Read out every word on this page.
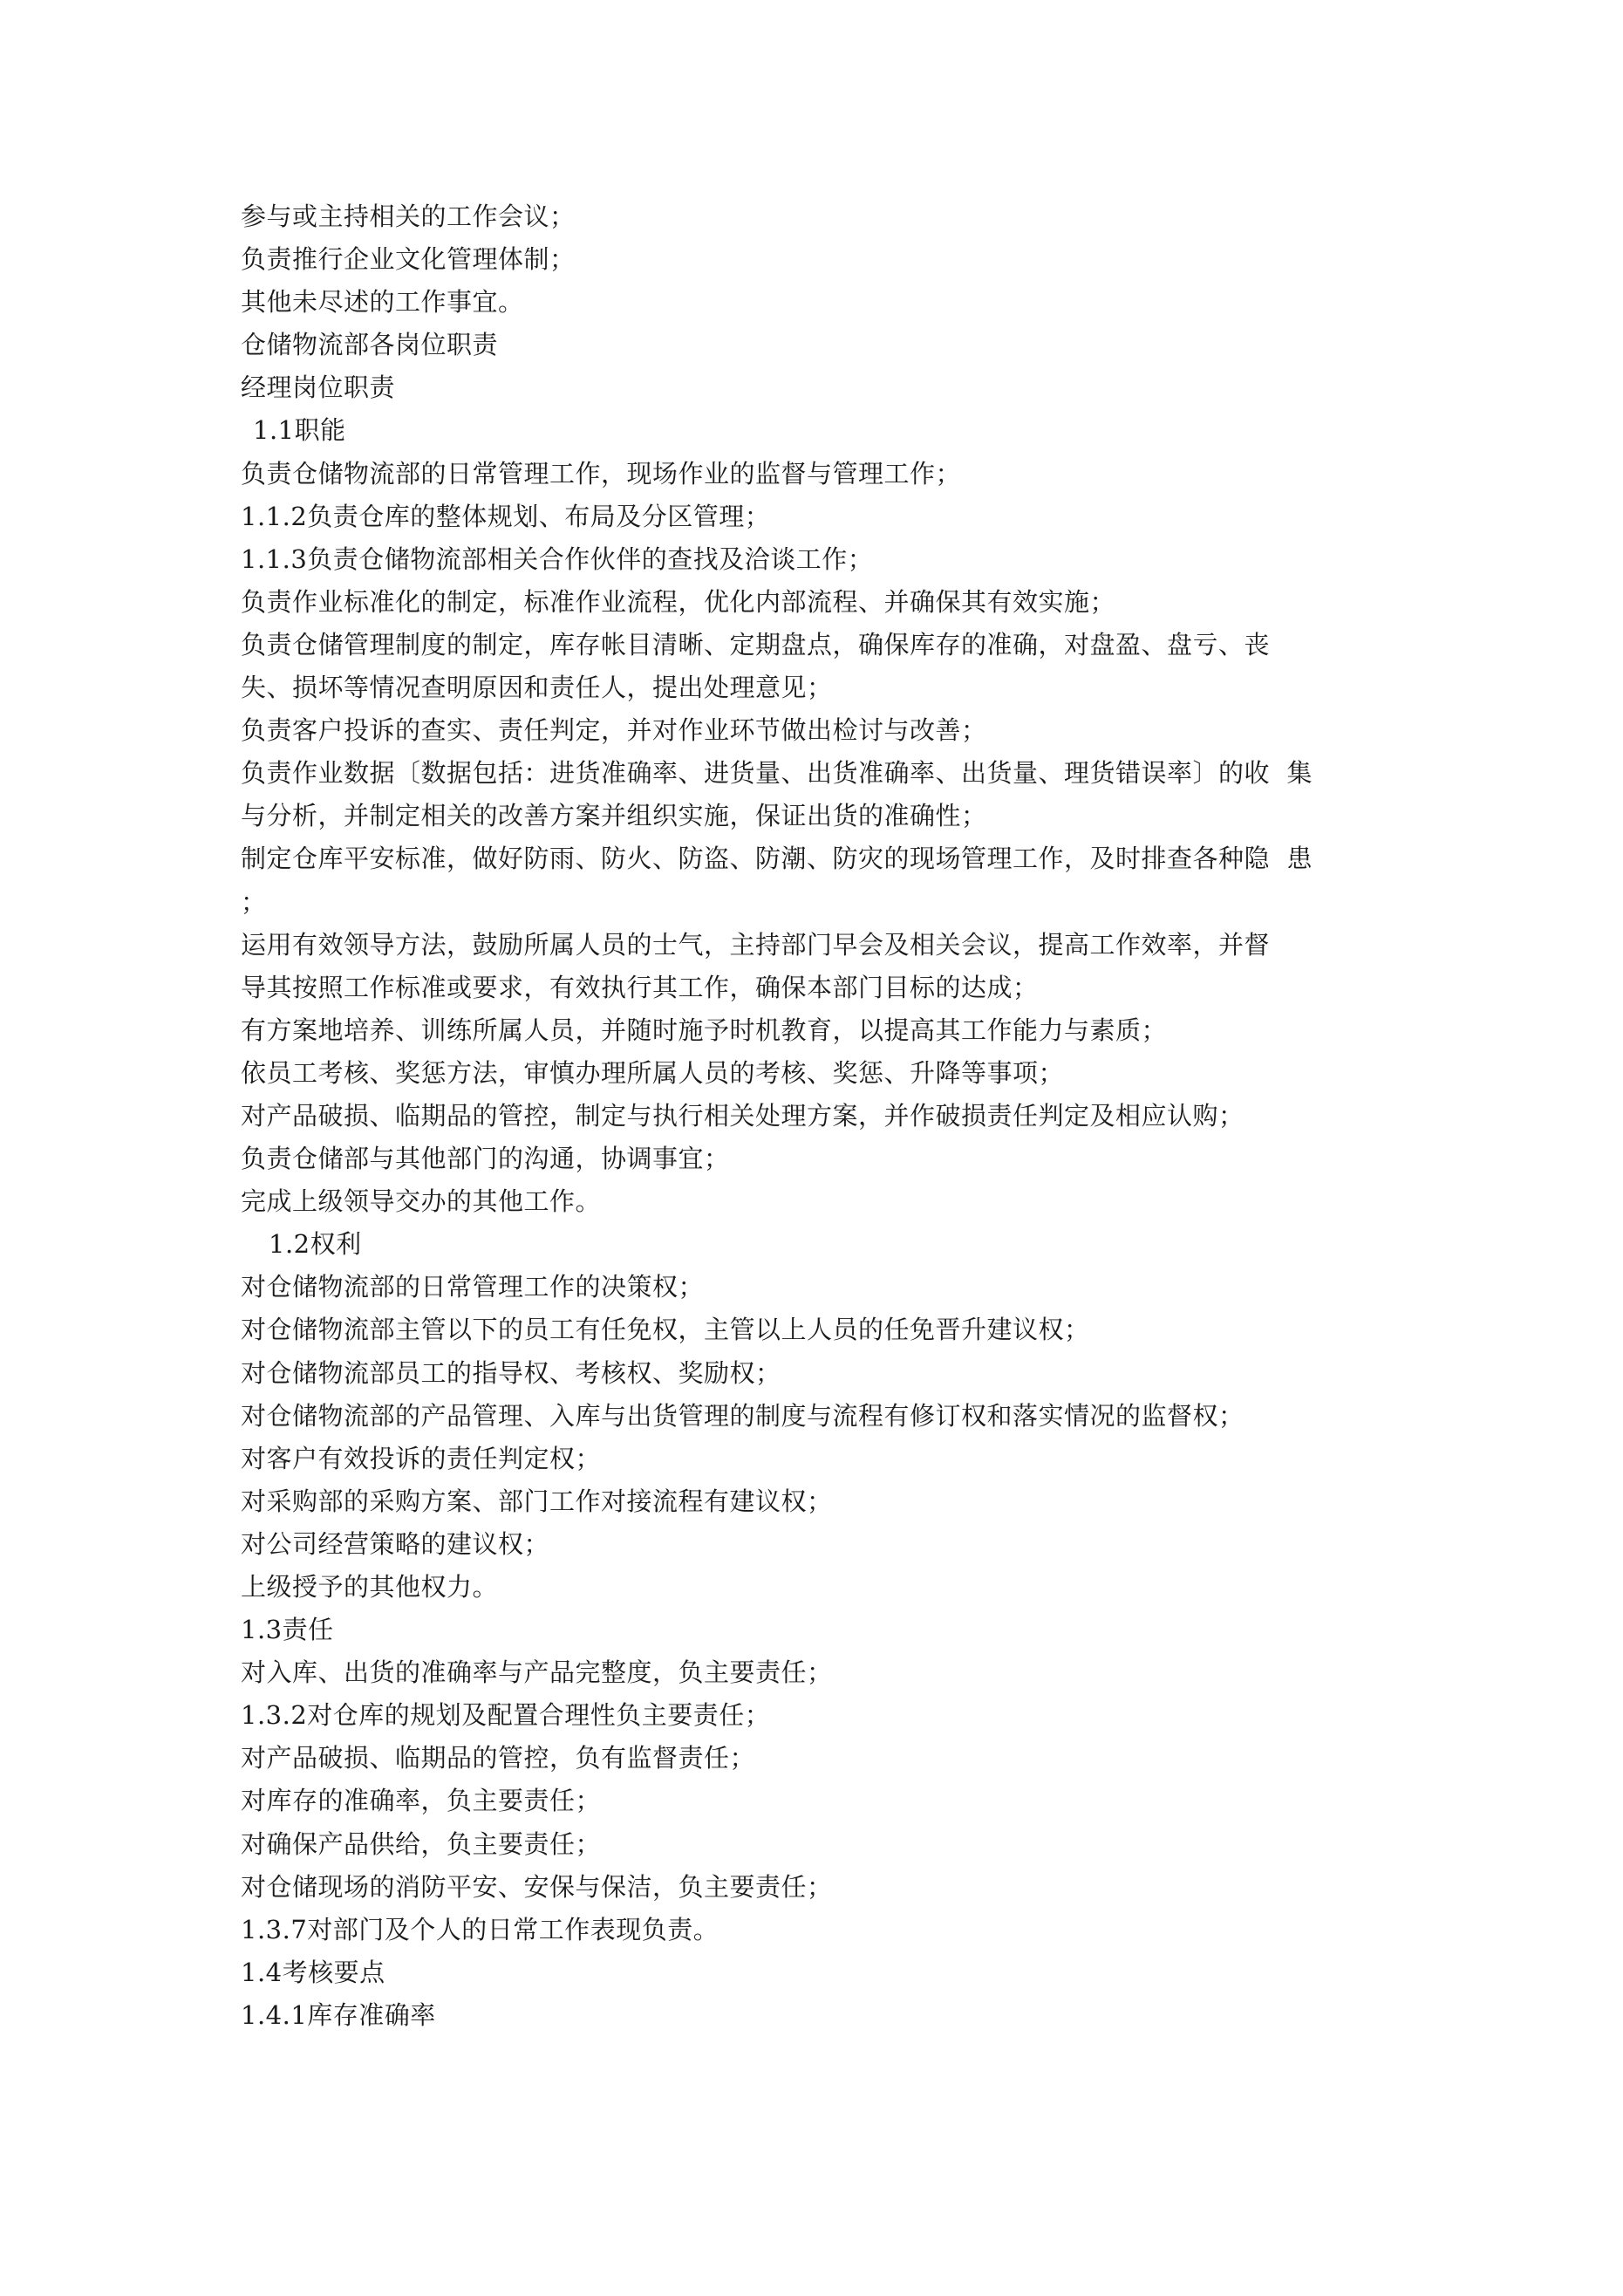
参与或主持相关的工作会议；
负责推行企业文化管理体制；
其他未尽述的工作事宜。
仓储物流部各岗位职责
经理岗位职责
1.1职能
负责仓储物流部的日常管理工作，现场作业的监督与管理工作；
1.1.2负责仓库的整体规划、布局及分区管理；
1.1.3负责仓储物流部相关合作伙伴的查找及洽谈工作；
负责作业标准化的制定，标准作业流程，优化内部流程、并确保其有效实施；
负责仓储管理制度的制定，库存帐目清晰、定期盘点，确保库存的准确，对盘盈、盘亏、丧
失、损坏等情况查明原因和责任人，提出处理意见；
负责客户投诉的查实、责任判定，并对作业环节做出检讨与改善；
负责作业数据〔数据包括：进货准确率、进货量、出货准确率、出货量、理货错误率〕的收  集
与分析，并制定相关的改善方案并组织实施，保证出货的准确性；
制定仓库平安标准，做好防雨、防火、防盗、防潮、防灾的现场管理工作，及时排查各种隐  患
；
运用有效领导方法，鼓励所属人员的士气，主持部门早会及相关会议，提高工作效率，并督
导其按照工作标准或要求，有效执行其工作，确保本部门目标的达成；
有方案地培养、训练所属人员，并随时施予时机教育，以提高其工作能力与素质；
依员工考核、奖惩方法，审慎办理所属人员的考核、奖惩、升降等事项；
对产品破损、临期品的管控，制定与执行相关处理方案，并作破损责任判定及相应认购；
负责仓储部与其他部门的沟通，协调事宜；
完成上级领导交办的其他工作。
1.2权利
对仓储物流部的日常管理工作的决策权；
对仓储物流部主管以下的员工有任免权，主管以上人员的任免晋升建议权；
对仓储物流部员工的指导权、考核权、奖励权；
对仓储物流部的产品管理、入库与出货管理的制度与流程有修订权和落实情况的监督权；
对客户有效投诉的责任判定权；
对采购部的采购方案、部门工作对接流程有建议权；
对公司经营策略的建议权；
上级授予的其他权力。
1.3责任
对入库、出货的准确率与产品完整度，负主要责任；
1.3.2对仓库的规划及配置合理性负主要责任；
对产品破损、临期品的管控，负有监督责任；
对库存的准确率，负主要责任；
对确保产品供给，负主要责任；
对仓储现场的消防平安、安保与保洁，负主要责任；
1.3.7对部门及个人的日常工作表现负责。
1.4考核要点
1.4.1库存准确率
